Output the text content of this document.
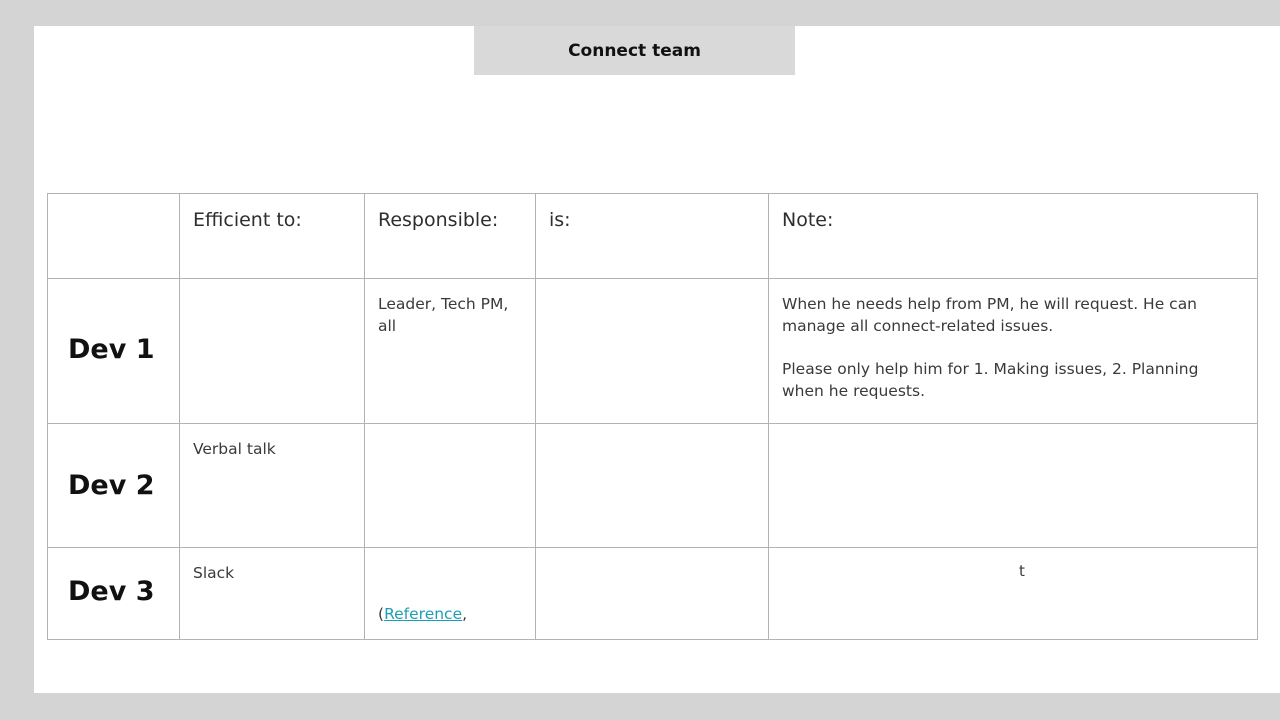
Connect team

	Efficient to:	Responsible:	is:	Note:

Dev 1		Leader, Tech PM, all		When he needs help from PM, he will request. He can manage all connect-related issues.

Please only help him for 1. Making issues, 2. Planning when he requests.

Dev 2	Verbal talk			

Dev 3	Slack	(Reference,		t
